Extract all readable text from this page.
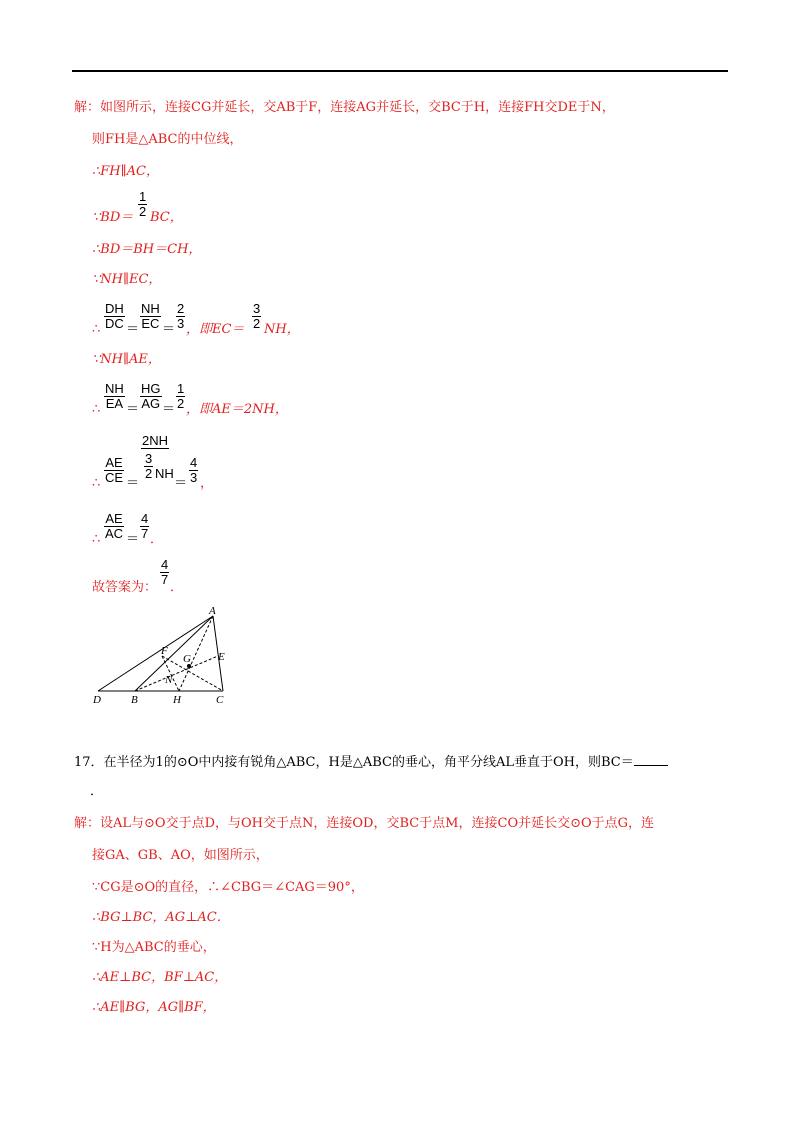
解：如图所示，连接CG并延长，交AB于F，连接AG并延长，交BC于H，连接FH交DE于N，
则FH是△ABC的中位线，
∴FH∥AC，
∵BD＝ $\frac{1}{2}$ BC，
∴BD＝BH＝CH，
∵NH∥EC，
∴ $\frac{DH}{DC} = \frac{NH}{EC} = \frac{2}{3}$ ，即$EC= \frac{3}{2}$ NH，
∵NH∥AE，
∴ $\frac{NH}{EA} = \frac{HG}{AG} = \frac{1}{2}$ ，即AE＝2NH，
∴ $\frac{AE}{CE}$ ＝
2NH
$\frac{3}{2}$ NH
＝ $\frac{4}{3}$ ，
∴ $\frac{AE}{AC} = \frac{4}{7}$ ．
故答案为：
$\frac{4}{7}$
．
A
F
G E
N
D	B	H	C
17．在半径为1的⊙O中内接有锐角△ABC，H是△ABC的垂心，角平分线AL垂直于OH，则BC＝
．
解：设AL与⊙O交于点D，与OH交于点N，连接OD，交BC于点M，连接CO并延长交⊙O于点G，连
接GA、GB、AO，如图所示，
∵CG是⊙O的直径，∴∠CBG＝∠CAG＝90°，
∴BG⊥BC，AG⊥AC．
∵H为△ABC的垂心，
∴AE⊥BC，BF⊥AC，
∴AE∥BG，AG∥BF，
